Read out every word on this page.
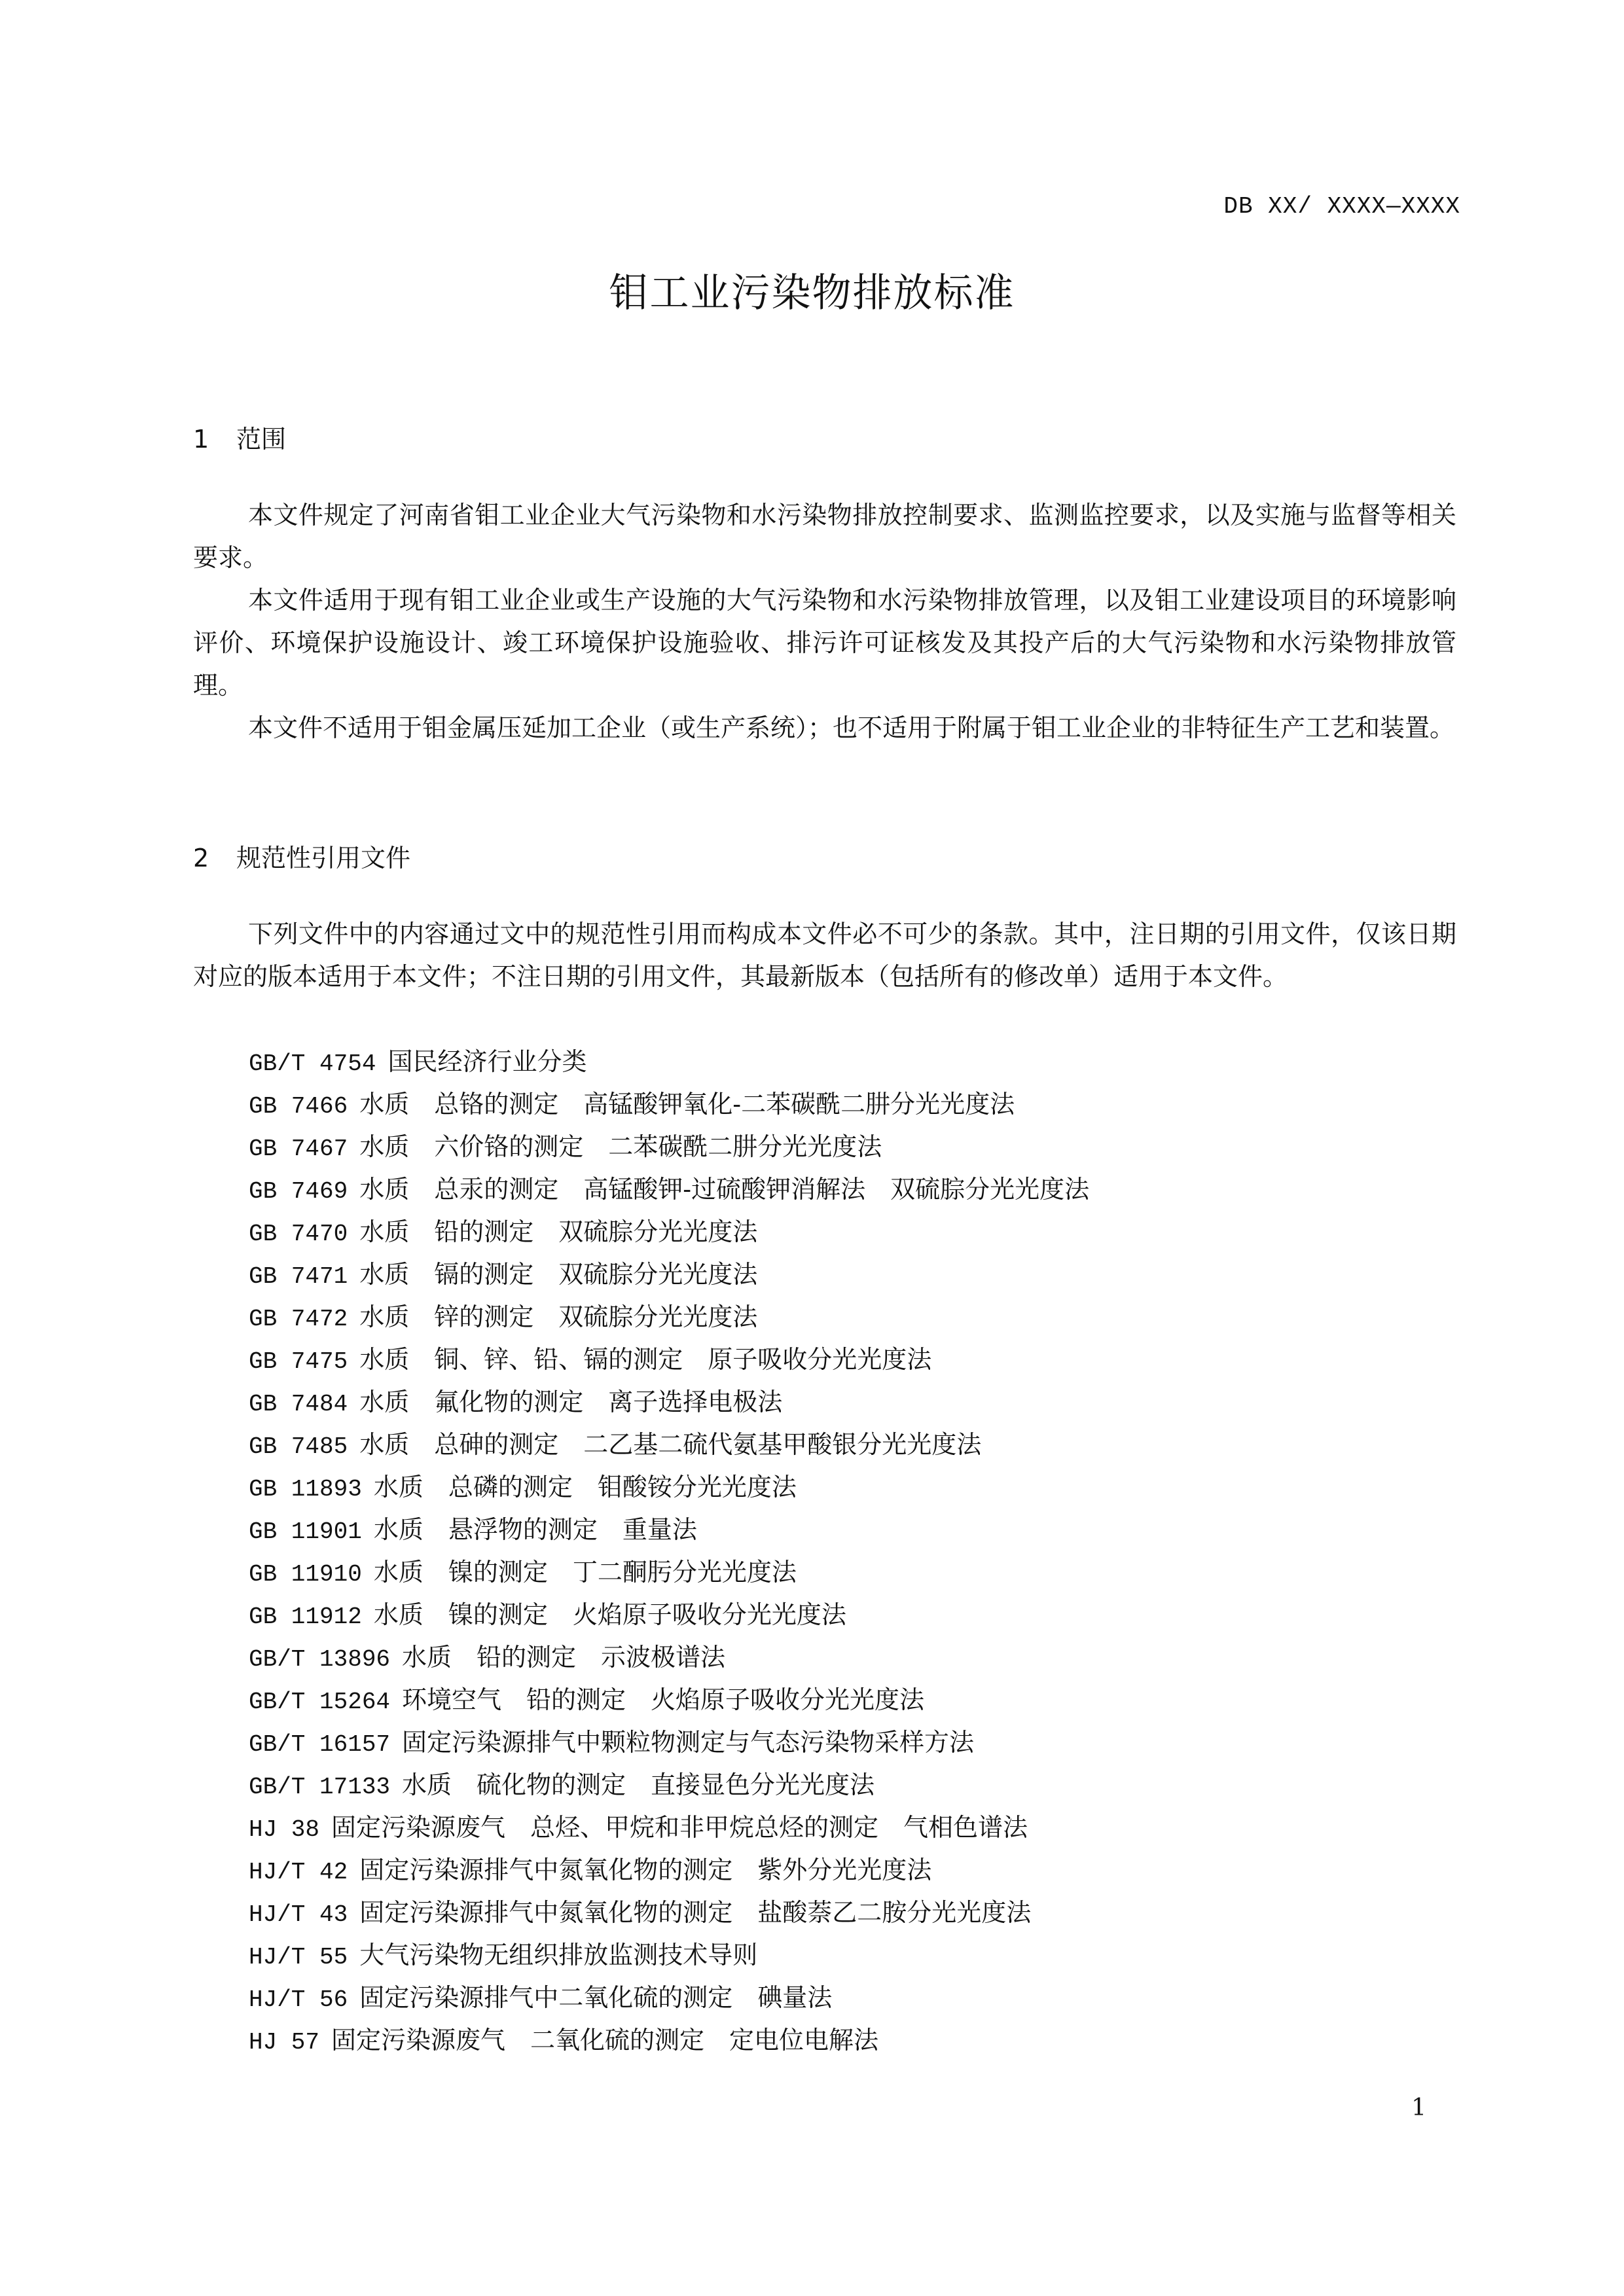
DB XX/ XXXX—XXXX
钼工业污染物排放标准
1 范围

本文件规定了河南省钼工业企业大气污染物和水污染物排放控制要求、监测监控要求，以及实施与监督等相关要求。

本文件适用于现有钼工业企业或生产设施的大气污染物和水污染物排放管理，以及钼工业建设项目的环境影响评价、环境保护设施设计、竣工环境保护设施验收、排污许可证核发及其投产后的大气污染物和水污染物排放管理。

本文件不适用于钼金属压延加工企业（或生产系统）；也不适用于附属于钼工业企业的非特征生产工艺和装置。

2 规范性引用文件

下列文件中的内容通过文中的规范性引用而构成本文件必不可少的条款。其中，注日期的引用文件，仅该日期对应的版本适用于本文件；不注日期的引用文件，其最新版本（包括所有的修改单）适用于本文件。

GB/T 4754 国民经济行业分类
GB 7466 水质　总铬的测定　高锰酸钾氧化-二苯碳酰二肼分光光度法
GB 7467 水质　六价铬的测定　二苯碳酰二肼分光光度法
GB 7469 水质　总汞的测定　高锰酸钾-过硫酸钾消解法　双硫腙分光光度法
GB 7470 水质　铅的测定　双硫腙分光光度法
GB 7471 水质　镉的测定　双硫腙分光光度法
GB 7472 水质　锌的测定　双硫腙分光光度法
GB 7475 水质　铜、锌、铅、镉的测定　原子吸收分光光度法
GB 7484 水质　氟化物的测定　离子选择电极法
GB 7485 水质　总砷的测定　二乙基二硫代氨基甲酸银分光光度法
GB 11893 水质　总磷的测定　钼酸铵分光光度法
GB 11901 水质　悬浮物的测定　重量法
GB 11910 水质　镍的测定　丁二酮肟分光光度法
GB 11912 水质　镍的测定　火焰原子吸收分光光度法
GB/T 13896 水质　铅的测定　示波极谱法
GB/T 15264 环境空气　铅的测定　火焰原子吸收分光光度法
GB/T 16157 固定污染源排气中颗粒物测定与气态污染物采样方法
GB/T 17133 水质　硫化物的测定　直接显色分光光度法
HJ 38 固定污染源废气　总烃、甲烷和非甲烷总烃的测定　气相色谱法
HJ/T 42 固定污染源排气中氮氧化物的测定　紫外分光光度法
HJ/T 43 固定污染源排气中氮氧化物的测定　盐酸萘乙二胺分光光度法
HJ/T 55 大气污染物无组织排放监测技术导则
HJ/T 56 固定污染源排气中二氧化硫的测定　碘量法
HJ 57 固定污染源废气　二氧化硫的测定　定电位电解法
1
